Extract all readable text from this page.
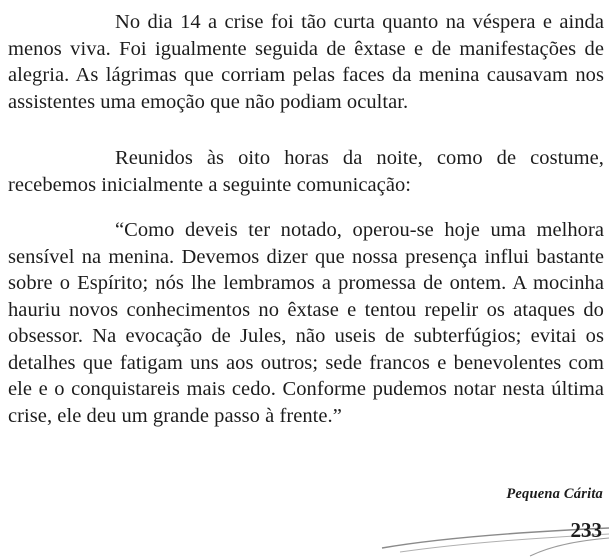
No dia 14 a crise foi tão curta quanto na véspera e ainda menos viva. Foi igualmente seguida de êxtase e de manifestações de alegria. As lágrimas que corriam pelas faces da menina causavam nos assistentes uma emoção que não podiam ocultar.

Reunidos às oito horas da noite, como de costume, recebemos inicialmente a seguinte comunicação:

“Como deveis ter notado, operou-se hoje uma melhora sensível na menina. Devemos dizer que nossa presença influi bastante sobre o Espírito; nós lhe lembramos a promessa de ontem. A mocinha hauriu novos conhecimentos no êxtase e tentou repelir os ataques do obsessor. Na evocação de Jules, não useis de subterfúgios; evitai os detalhes que fatigam uns aos outros; sede francos e benevolentes com ele e o conquistareis mais cedo. Conforme pudemos notar nesta última crise, ele deu um grande passo à frente.”

Pequena Cárita
233
